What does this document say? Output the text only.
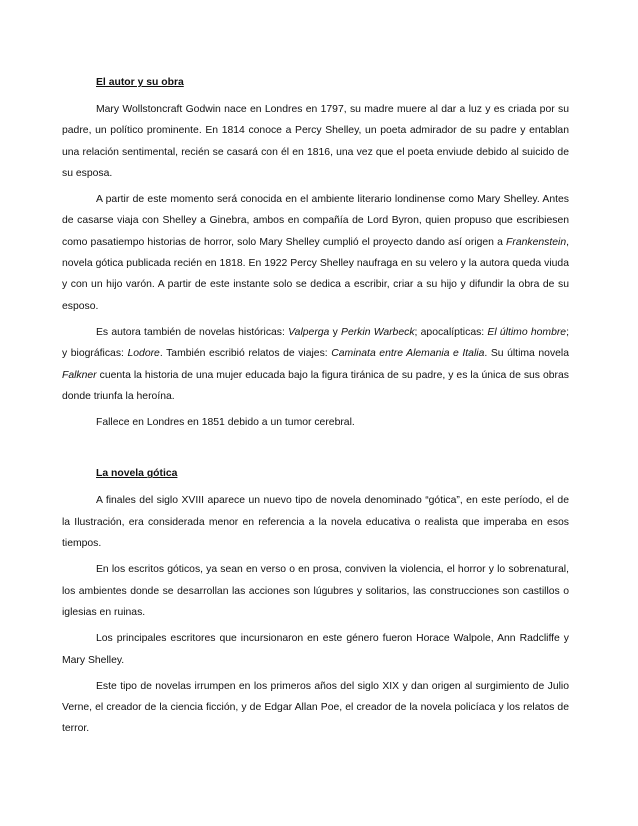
El autor y su obra

Mary Wollstoncraft Godwin nace en Londres en 1797, su madre muere al dar a luz y es criada por su padre, un político prominente. En 1814 conoce a Percy Shelley, un poeta admirador de su padre y entablan una relación sentimental, recién se casará con él en 1816, una vez que el poeta enviude debido al suicido de su esposa.

A partir de este momento será conocida en el ambiente literario londinense como Mary Shelley. Antes de casarse viaja con Shelley a Ginebra, ambos en compañía de Lord Byron, quien propuso que escribiesen como pasatiempo historias de horror, solo Mary Shelley cumplió el proyecto dando así origen a Frankenstein, novela gótica publicada recién en 1818. En 1922 Percy Shelley naufraga en su velero y la autora queda viuda y con un hijo varón. A partir de este instante solo se dedica a escribir, criar a su hijo y difundir la obra de su esposo.

Es autora también de novelas históricas: Valperga y Perkin Warbeck; apocalípticas: El último hombre; y biográficas: Lodore. También escribió relatos de viajes: Caminata entre Alemania e Italia. Su última novela Falkner cuenta la historia de una mujer educada bajo la figura tiránica de su padre, y es la única de sus obras donde triunfa la heroína.

Fallece en Londres en 1851 debido a un tumor cerebral.

La novela gótica

A finales del siglo XVIII aparece un nuevo tipo de novela denominado “gótica”, en este período, el de la Ilustración, era considerada menor en referencia a la novela educativa o realista que imperaba en esos tiempos.

En los escritos góticos, ya sean en verso o en prosa, conviven la violencia, el horror y lo sobrenatural, los ambientes donde se desarrollan las acciones son lúgubres y solitarios, las construcciones son castillos o iglesias en ruinas.

Los principales escritores que incursionaron en este género fueron Horace Walpole, Ann Radcliffe y Mary Shelley.

Este tipo de novelas irrumpen en los primeros años del siglo XIX y dan origen al surgimiento de Julio Verne, el creador de la ciencia ficción, y de Edgar Allan Poe, el creador de la novela policíaca y los relatos de terror.
